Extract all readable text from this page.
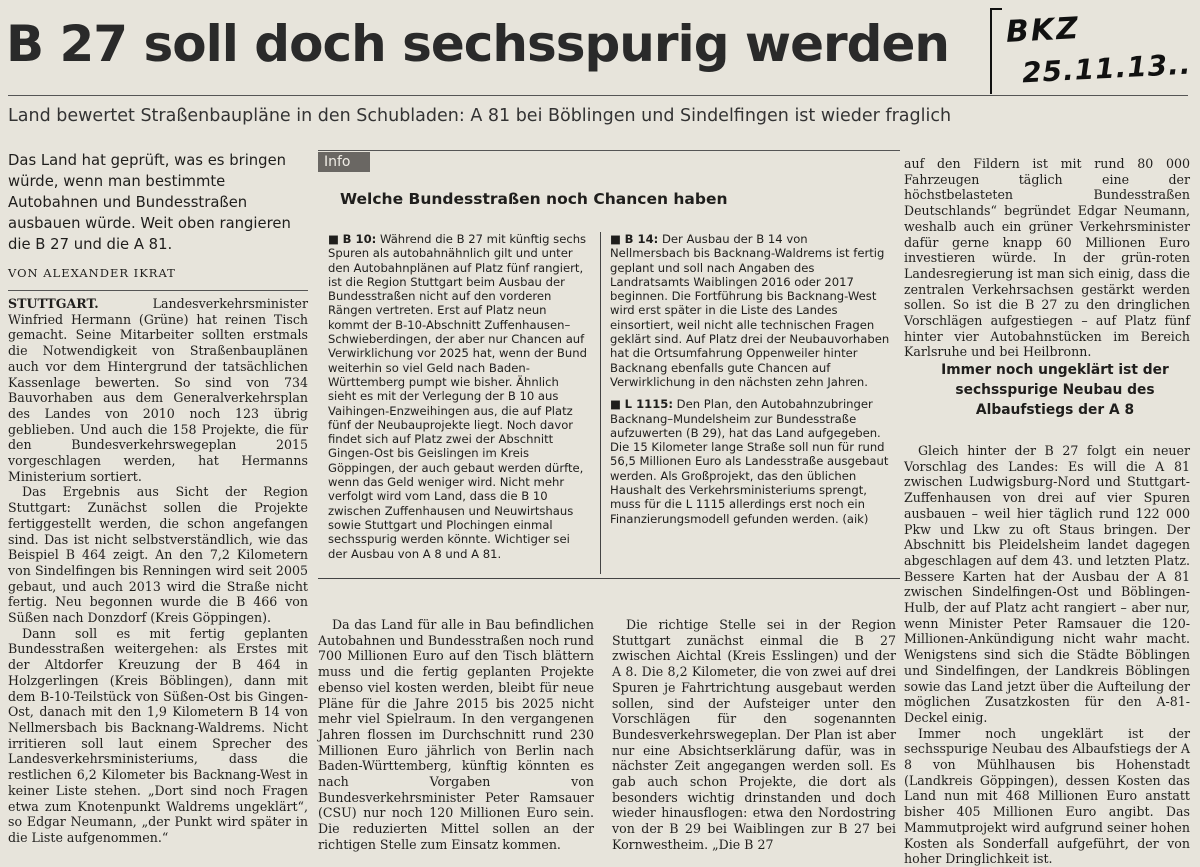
B 27 soll doch sechsspurig werden BKZ
25.11.13..
Land bewertet Straßenbaupläne in den Schubladen: A 81 bei Böblingen und Sindelfingen ist wieder fraglich
Das Land hat geprüft, was es bringen würde, wenn man bestimmte Autobahnen und Bundesstraßen ausbauen würde. Weit oben rangieren die B 27 und die A 81.
VON ALEXANDER IKRAT

STUTTGART.	Landesverkehrsminister Winfried Hermann (Grüne) hat reinen Tisch gemacht. Seine Mitarbeiter sollten erstmals die Notwendigkeit von Straßenbauplänen auch vor dem Hintergrund der tatsächlichen Kassenlage bewerten. So sind von 734 Bauvorhaben aus dem Generalverkehrsplan des Landes von 2010 noch 123 übrig geblieben. Und auch die 158 Projekte, die für den Bundesverkehrswegeplan 2015 vorgeschlagen werden, hat Hermanns Ministerium sortiert.

Das Ergebnis aus Sicht der Region Stuttgart: Zunächst sollen die Projekte fertiggestellt werden, die schon angefangen sind. Das ist nicht selbstverständlich, wie das Beispiel B 464 zeigt. An den 7,2 Kilometern von Sindelfingen bis Renningen wird seit 2005 gebaut, und auch 2013 wird die Straße nicht fertig. Neu begonnen wurde die B 466 von Süßen nach Donzdorf (Kreis Göppingen).

Dann soll es mit fertig geplanten Bundesstraßen weitergehen: als Erstes mit der Altdorfer Kreuzung der B 464 in Holzgerlingen (Kreis Böblingen), dann mit dem B-10-Teilstück von Süßen-Ost bis Gingen-Ost, danach mit den 1,9 Kilometern B 14 von Nellmersbach bis Backnang-Waldrems. Nicht irritieren soll laut einem Sprecher des Landesverkehrsministeriums, dass die restlichen 6,2 Kilometer bis Backnang-West in keiner Liste stehen. „Dort sind noch Fragen etwa zum Knotenpunkt Waldrems ungeklärt“, so Edgar Neumann, „der Punkt wird später in die Liste aufgenommen.“

Info
Welche Bundesstraßen noch Chancen haben

■ B 10: Während die B 27 mit künftig sechs Spuren als autobahnähnlich gilt und unter den Autobahnplänen auf Platz fünf rangiert, ist die Region Stuttgart beim Ausbau der Bundesstraßen nicht auf den vorderen Rängen vertreten. Erst auf Platz neun kommt der B-10-Abschnitt Zuffenhausen–Schwieberdingen, der aber nur Chancen auf Verwirklichung vor 2025 hat, wenn der Bund weiterhin so viel Geld nach Baden-Württemberg pumpt wie bisher. Ähnlich sieht es mit der Verlegung der B 10 aus Vaihingen-Enzweihingen aus, die auf Platz fünf der Neubauprojekte liegt. Noch davor findet sich auf Platz zwei der Abschnitt Gingen-Ost bis Geislingen im Kreis Göppingen, der auch gebaut werden dürfte, wenn das Geld weniger wird. Nicht mehr verfolgt wird vom Land, dass die B 10 zwischen Zuffenhausen und Neuwirtshaus sowie Stuttgart und Plochingen einmal sechsspurig werden könnte. Wichtiger sei der Ausbau von A 8 und A 81.

■ B 14: Der Ausbau der B 14 von Nellmersbach bis Backnang-Waldrems ist fertig geplant und soll nach Angaben des Landratsamts Waiblingen 2016 oder 2017 beginnen. Die Fortführung bis Backnang-West wird erst später in die Liste des Landes einsortiert, weil nicht alle technischen Fragen geklärt sind. Auf Platz drei der Neubauvorhaben hat die Ortsumfahrung Oppenweiler hinter Backnang ebenfalls gute Chancen auf Verwirklichung in den nächsten zehn Jahren.

■ L 1115: Den Plan, den Autobahnzubringer Backnang–Mundelsheim zur Bundesstraße aufzuwerten (B 29), hat das Land aufgegeben. Die 15 Kilometer lange Straße soll nun für rund 56,5 Millionen Euro als Landesstraße ausgebaut werden. Als Großprojekt, das den üblichen Haushalt des Verkehrsministeriums sprengt, muss für die L 1115 allerdings erst noch ein Finanzierungsmodell gefunden werden. (aik)

Da das Land für alle in Bau befindlichen Autobahnen und Bundesstraßen noch rund 700 Millionen Euro auf den Tisch blättern muss und die fertig geplanten Projekte ebenso viel kosten werden, bleibt für neue Pläne für die Jahre 2015 bis 2025 nicht mehr viel Spielraum. In den vergangenen Jahren flossen im Durchschnitt rund 230 Millionen Euro jährlich von Berlin nach Baden-Württemberg, künftig könnten es nach Vorgaben von Bundesverkehrsminister Peter Ramsauer (CSU) nur noch 120 Millionen Euro sein. Die reduzierten Mittel sollen an der richtigen Stelle zum Einsatz kommen.

Die richtige Stelle sei in der Region Stuttgart zunächst einmal die B 27 zwischen Aichtal (Kreis Esslingen) und der A 8. Die 8,2 Kilometer, die von zwei auf drei Spuren je Fahrtrichtung ausgebaut werden sollen, sind der Aufsteiger unter den Vorschlägen für den sogenannten Bundesverkehrswegeplan. Der Plan ist aber nur eine Absichtserklärung dafür, was in nächster Zeit angegangen werden soll. Es gab auch schon Projekte, die dort als besonders wichtig drinstanden und doch wieder hinausflogen: etwa den Nordostring von der B 29 bei Waiblingen zur B 27 bei Kornwestheim. „Die B 27

auf den Fildern ist mit rund 80 000 Fahrzeugen täglich eine der höchstbelasteten Bundesstraßen Deutschlands“ begründet Edgar Neumann, weshalb auch ein grüner Verkehrsminister dafür gerne knapp 60 Millionen Euro investieren würde. In der grün-roten Landesregierung ist man sich einig, dass die zentralen Verkehrsachsen gestärkt werden sollen. So ist die B 27 zu den dringlichen Vorschlägen aufgestiegen – auf Platz fünf hinter vier Autobahnstücken im Bereich Karlsruhe und bei Heilbronn.

Immer noch ungeklärt ist der sechsspurige Neubau des Albaufstiegs der A 8

Gleich hinter der B 27 folgt ein neuer Vorschlag des Landes: Es will die A 81 zwischen Ludwigsburg-Nord und Stuttgart-Zuffenhausen von drei auf vier Spuren ausbauen – weil hier täglich rund 122 000 Pkw und Lkw zu oft Staus bringen. Der Abschnitt bis Pleidelsheim landet dagegen abgeschlagen auf dem 43. und letzten Platz. Bessere Karten hat der Ausbau der A 81 zwischen Sindelfingen-Ost und Böblingen-Hulb, der auf Platz acht rangiert – aber nur, wenn Minister Peter Ramsauer die 120-Millionen-Ankündigung nicht wahr macht. Wenigstens sind sich die Städte Böblingen und Sindelfingen, der Landkreis Böblingen sowie das Land jetzt über die Aufteilung der möglichen Zusatzkosten für den A-81-Deckel einig.

Immer noch ungeklärt ist der sechsspurige Neubau des Albaufstiegs der A 8 von Mühlhausen bis Hohenstadt (Landkreis Göppingen), dessen Kosten das Land nun mit 468 Millionen Euro anstatt bisher 405 Millionen Euro angibt. Das Mammutprojekt wird aufgrund seiner hohen Kosten als Sonderfall aufgeführt, der von hoher Dringlichkeit ist.
